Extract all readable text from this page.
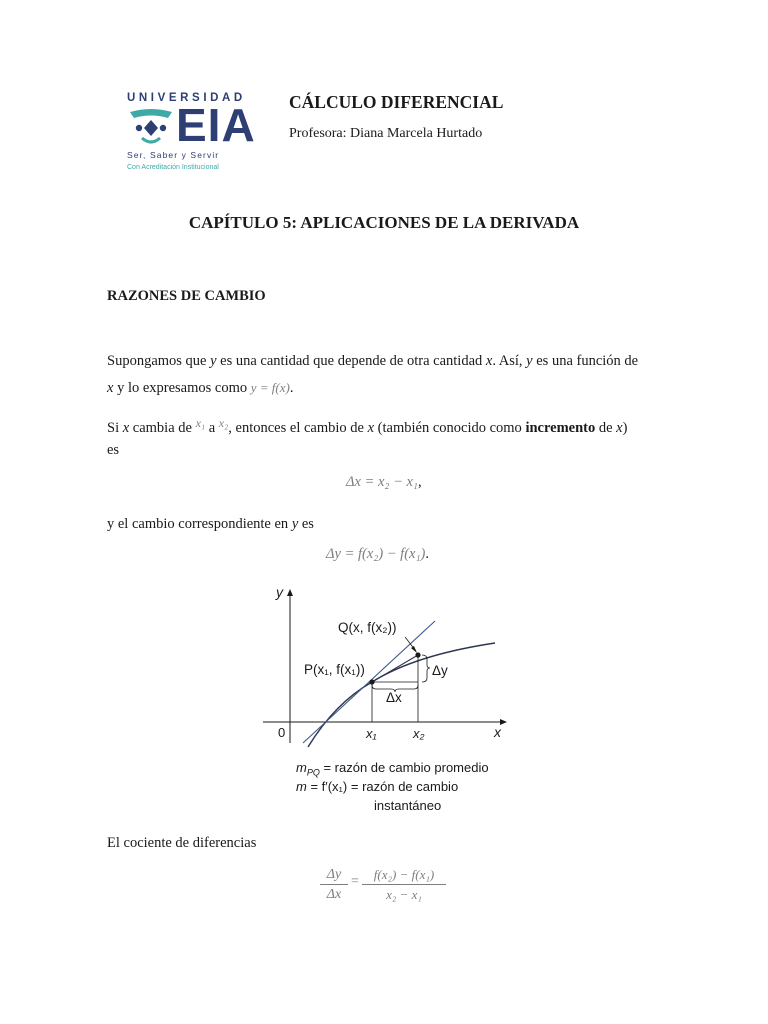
UNIVERSIDAD
EIA
Ser, Saber y Servir
Con Acreditación Institucional
CÁLCULO DIFERENCIAL
Profesora: Diana Marcela Hurtado
CAPÍTULO 5: APLICACIONES DE LA DERIVADA
RAZONES DE CAMBIO
Supongamos que y es una cantidad que depende de otra cantidad x. Así, y es una función de
x y lo expresamos como y = f(x).
Si x cambia de $^{x_1}$ a $^{x_2}$, entonces el cambio de x (también conocido como incremento de x)
es
Δx = x₂ − x₁,
y el cambio correspondiente en y es
Δy = f(x₂) − f(x₁).
y
x
0
Q(x, f(x₂))
P(x₁, f(x₁))	Δy
Δx
x₁	x₂
$m_{PQ}$ = razón de cambio promedio
m = f′(x₁) = razón de cambio
instantáneo
El cociente de diferencias
Δy
Δx
=	f(x₂) − f(x₁)
x₂ − x₁
